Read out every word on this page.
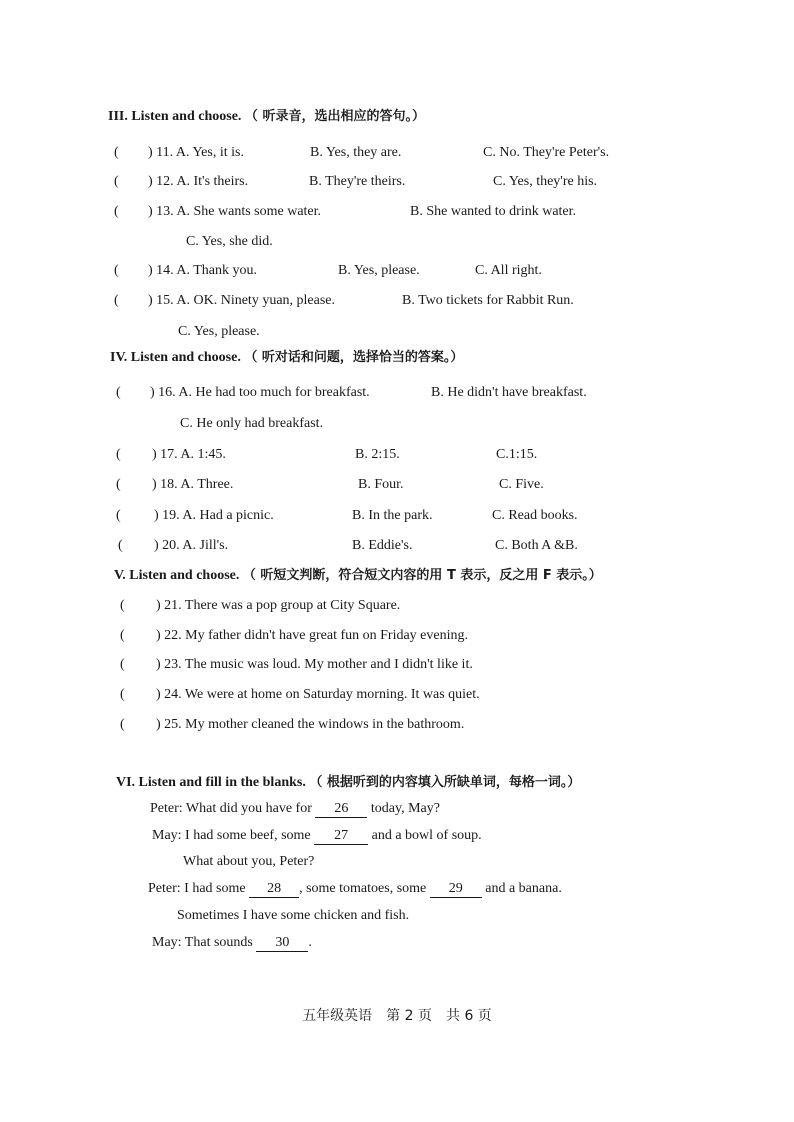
III. Listen and choose. （ 听录音，选出相应的答句。）
( ) 11. A. Yes, it is.	B. Yes, they are.	C. No. They're Peter's.
( ) 12. A. It's theirs.	B. They're theirs.	C. Yes, they're his.
( ) 13. A. She wants some water.	B. She wanted to drink water.
C. Yes, she did.
( ) 14. A. Thank you.	B. Yes, please.	C. All right.
( ) 15. A. OK. Ninety yuan, please.	B. Two tickets for Rabbit Run.
C. Yes, please.
IV. Listen and choose. （ 听对话和问题，选择恰当的答案。）
( ) 16. A. He had too much for breakfast.	B. He didn't have breakfast.
C. He only had breakfast.
( ) 17. A. 1:45.	B. 2:15.	C.1:15.
( ) 18. A. Three.	B. Four.	C. Five.
( ) 19. A. Had a picnic.	B. In the park.	C. Read books.
( ) 20. A. Jill's.	B. Eddie's.	C. Both A &B.
V. Listen and choose. （ 听短文判断，符合短文内容的用 T 表示，反之用 F 表示。）
( ) 21. There was a pop group at City Square.
( ) 22. My father didn't have great fun on Friday evening.
( ) 23. The music was loud. My mother and I didn't like it.
( ) 24. We were at home on Saturday morning. It was quiet.
( ) 25. My mother cleaned the windows in the bathroom.
VI. Listen and fill in the blanks. （ 根据听到的内容填入所缺单词，每格一词。）
Peter: What did you have for 26 today, May?
May: I had some beef, some 27 and a bowl of soup.
What about you, Peter?
Peter: I had some 28 , some tomatoes, some 29 and a banana.
Sometimes I have some chicken and fish.
May: That sounds 30 .
五年级英语　第 2 页　共 6 页
